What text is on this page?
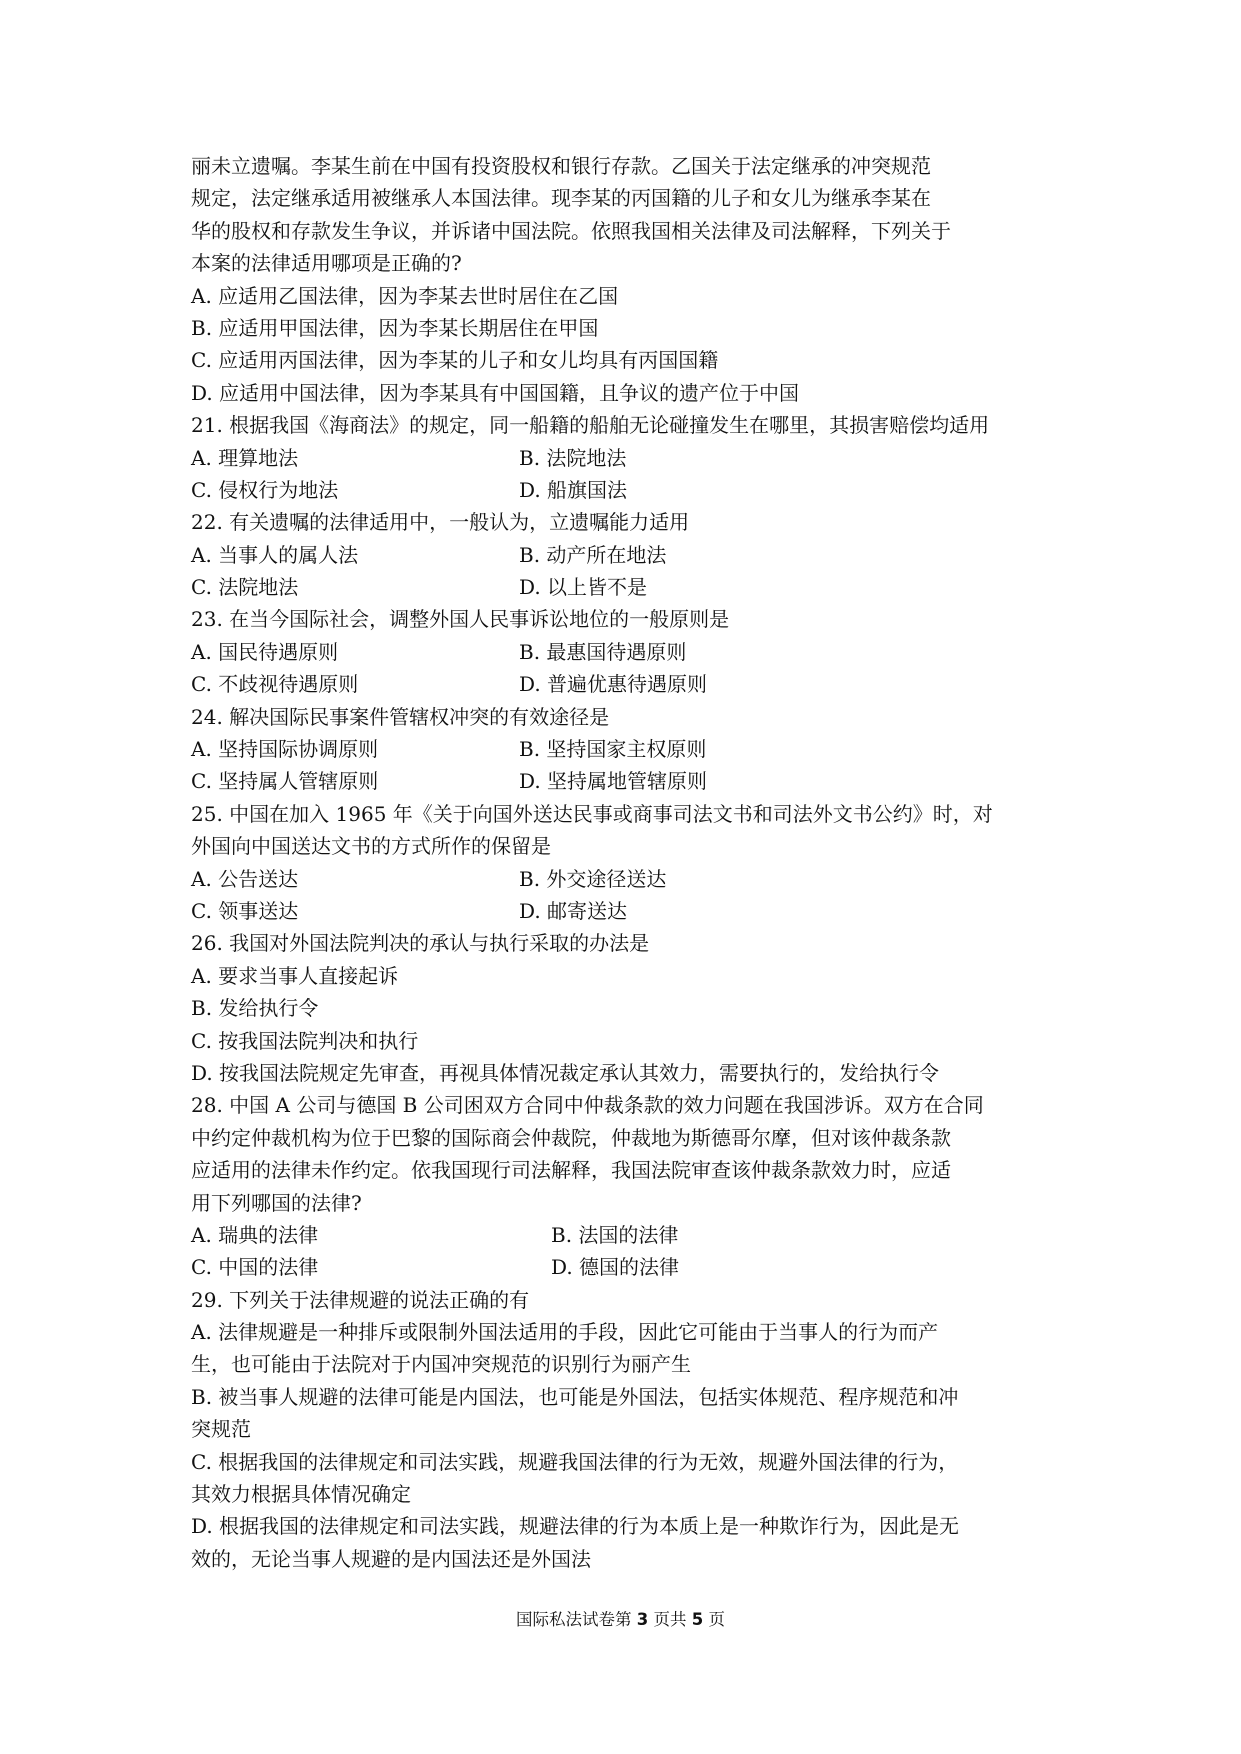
丽未立遗嘱。李某生前在中国有投资股权和银行存款。乙国关于法定继承的冲突规范
规定，法定继承适用被继承人本国法律。现李某的丙国籍的儿子和女儿为继承李某在
华的股权和存款发生争议，并诉诸中国法院。依照我国相关法律及司法解释，下列关于
本案的法律适用哪项是正确的?
A. 应适用乙国法律，因为李某去世时居住在乙国
B. 应适用甲国法律，因为李某长期居住在甲国
C. 应适用丙国法律，因为李某的儿子和女儿均具有丙国国籍
D. 应适用中国法律，因为李某具有中国国籍，且争议的遗产位于中国
21. 根据我国《海商法》的规定，同一船籍的船舶无论碰撞发生在哪里，其损害赔偿均适用
A. 理算地法	B. 法院地法
C. 侵权行为地法	D. 船旗国法
22. 有关遗嘱的法律适用中，一般认为，立遗嘱能力适用
A. 当事人的属人法	B. 动产所在地法
C. 法院地法	D. 以上皆不是
23. 在当今国际社会，调整外国人民事诉讼地位的一般原则是
A. 国民待遇原则	B. 最惠国待遇原则
C. 不歧视待遇原则	D. 普遍优惠待遇原则
24. 解决国际民事案件管辖权冲突的有效途径是
A. 坚持国际协调原则	B. 坚持国家主权原则
C. 坚持属人管辖原则	D. 坚持属地管辖原则
25. 中国在加入 1965 年《关于向国外送达民事或商事司法文书和司法外文书公约》时，对
外国向中国送达文书的方式所作的保留是
A. 公告送达	B. 外交途径送达
C. 领事送达	D. 邮寄送达
26. 我国对外国法院判决的承认与执行采取的办法是
A. 要求当事人直接起诉
B. 发给执行令
C. 按我国法院判决和执行
D. 按我国法院规定先审查，再视具体情况裁定承认其效力，需要执行的，发给执行令
28. 中国 A 公司与德国 B 公司困双方合同中仲裁条款的效力问题在我国涉诉。双方在合同
中约定仲裁机构为位于巴黎的国际商会仲裁院，仲裁地为斯德哥尔摩，但对该仲裁条款
应适用的法律未作约定。依我国现行司法解释，我国法院审查该仲裁条款效力时，应适
用下列哪国的法律?
A. 瑞典的法律	B. 法国的法律
C. 中国的法律	D. 德国的法律
29. 下列关于法律规避的说法正确的有
A. 法律规避是一种排斥或限制外国法适用的手段，因此它可能由于当事人的行为而产
生，也可能由于法院对于内国冲突规范的识别行为丽产生
B. 被当事人规避的法律可能是内国法，也可能是外国法，包括实体规范、程序规范和冲
突规范
C. 根据我国的法律规定和司法实践，规避我国法律的行为无效，规避外国法律的行为，
其效力根据具体情况确定
D. 根据我国的法律规定和司法实践，规避法律的行为本质上是一种欺诈行为，因此是无
效的，无论当事人规避的是内国法还是外国法
国际私法试卷第 3 页共 5 页
